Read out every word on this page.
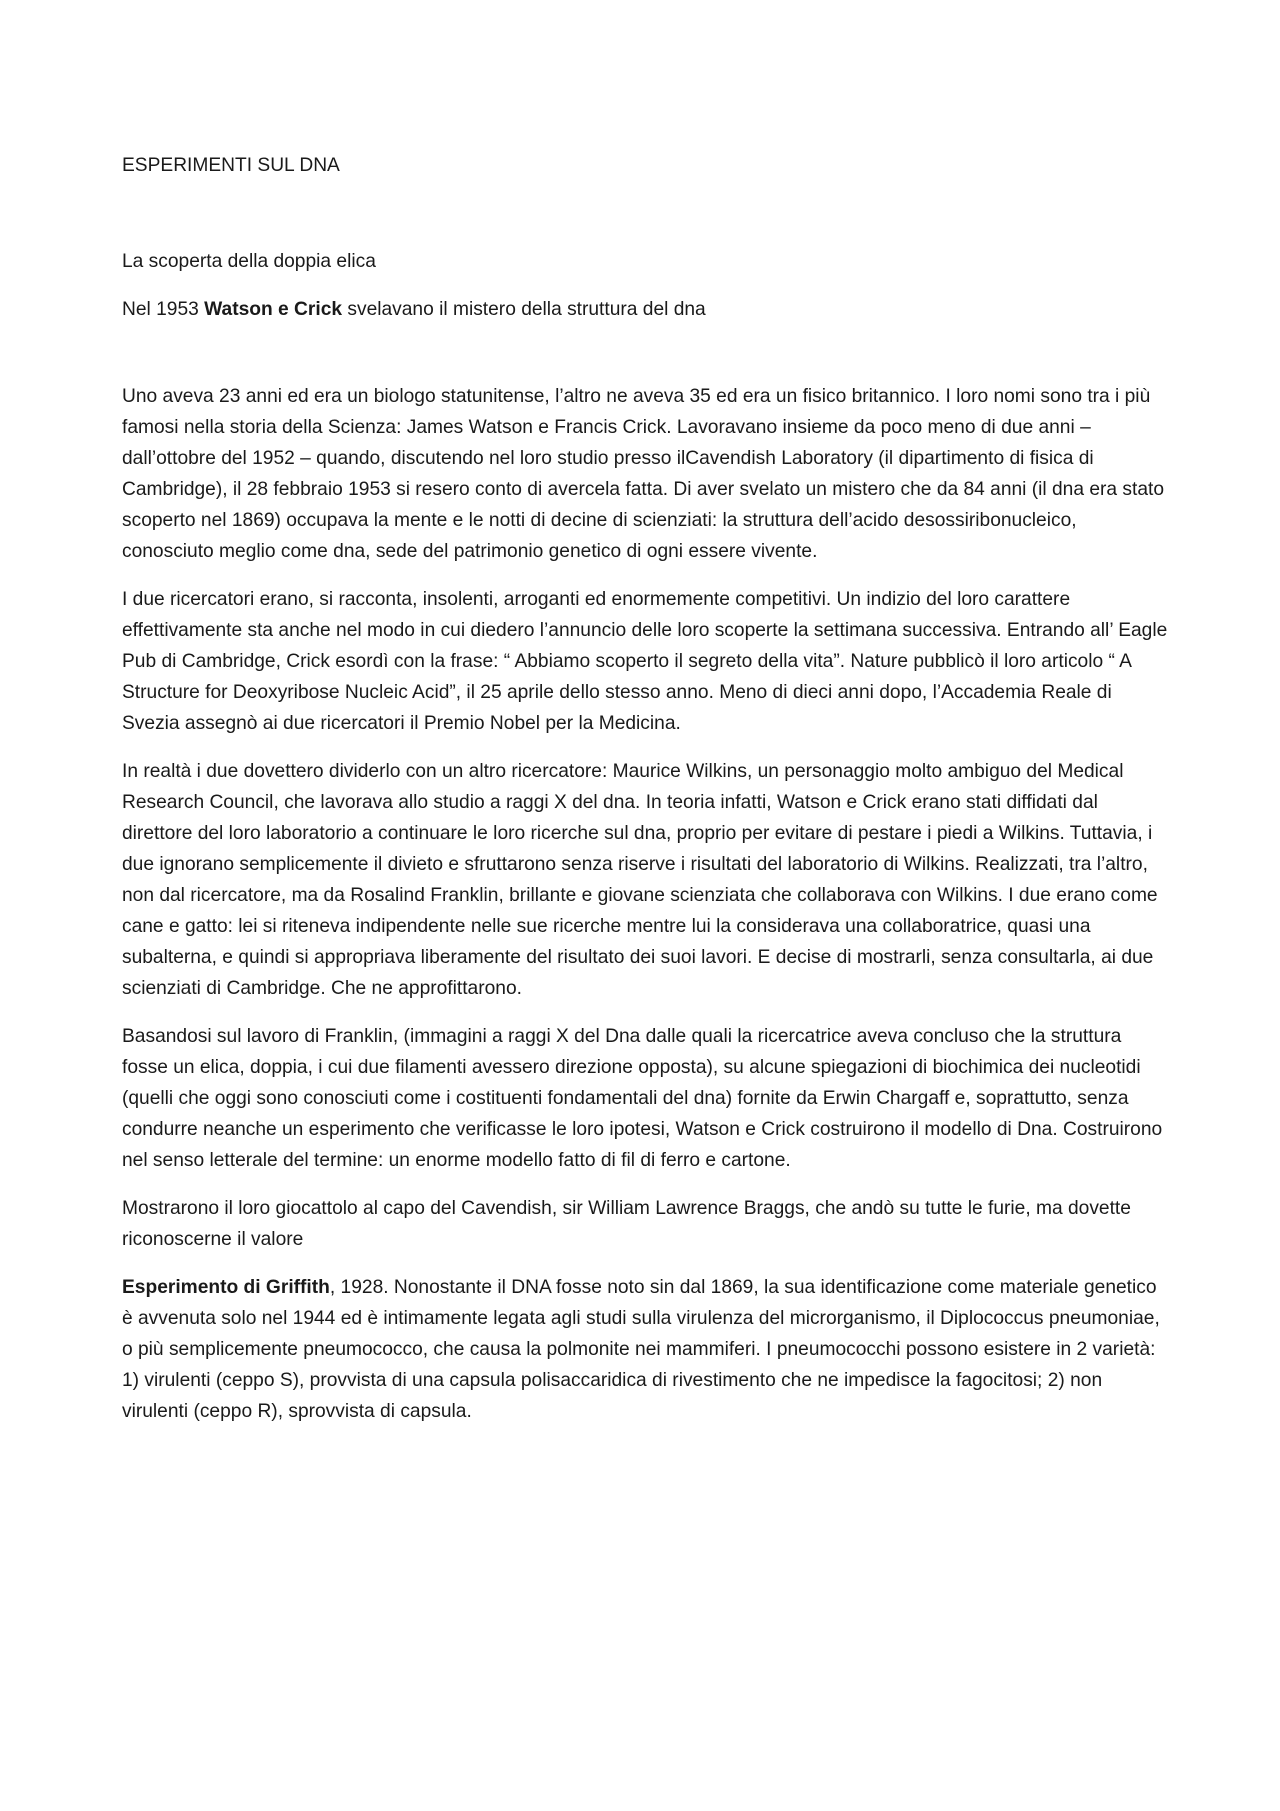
ESPERIMENTI SUL DNA
La scoperta della doppia elica
Nel 1953 Watson e Crick svelavano il mistero della struttura del dna

Uno aveva 23 anni ed era un biologo statunitense, l’altro ne aveva 35 ed era un fisico britannico. I loro nomi sono tra i più famosi nella storia della Scienza: James Watson e Francis Crick. Lavoravano insieme da poco meno di due anni – dall’ottobre del 1952 – quando, discutendo nel loro studio presso ilCavendish Laboratory (il dipartimento di fisica di Cambridge), il 28 febbraio 1953 si resero conto di avercela fatta. Di aver svelato un mistero che da 84 anni (il dna era stato scoperto nel 1869) occupava la mente e le notti di decine di scienziati: la struttura dell’acido desossiribonucleico, conosciuto meglio come dna, sede del patrimonio genetico di ogni essere vivente.

I due ricercatori erano, si racconta, insolenti, arroganti ed enormemente competitivi. Un indizio del loro carattere effettivamente sta anche nel modo in cui diedero l’annuncio delle loro scoperte la settimana successiva. Entrando all’ Eagle Pub di Cambridge, Crick esordì con la frase: “ Abbiamo scoperto il segreto della vita”. Nature pubblicò il loro articolo “ A Structure for Deoxyribose Nucleic Acid”, il 25 aprile dello stesso anno. Meno di dieci anni dopo, l’Accademia Reale di Svezia assegnò ai due ricercatori il Premio Nobel per la Medicina.

In realtà i due dovettero dividerlo con un altro ricercatore: Maurice Wilkins, un personaggio molto ambiguo del Medical Research Council, che lavorava allo studio a raggi X del dna. In teoria infatti, Watson e Crick erano stati diffidati dal direttore del loro laboratorio a continuare le loro ricerche sul dna, proprio per evitare di pestare i piedi a Wilkins. Tuttavia, i due ignorano semplicemente il divieto e sfruttarono senza riserve i risultati del laboratorio di Wilkins. Realizzati, tra l’altro, non dal ricercatore, ma da Rosalind Franklin, brillante e giovane scienziata che collaborava con Wilkins. I due erano come cane e gatto: lei si riteneva indipendente nelle sue ricerche mentre lui la considerava una collaboratrice, quasi una subalterna, e quindi si appropriava liberamente del risultato dei suoi lavori. E decise di mostrarli, senza consultarla, ai due scienziati di Cambridge. Che ne approfittarono.

Basandosi sul lavoro di Franklin, (immagini a raggi X del Dna dalle quali la ricercatrice aveva concluso che la struttura fosse un elica, doppia, i cui due filamenti avessero direzione opposta), su alcune spiegazioni di biochimica dei nucleotidi (quelli che oggi sono conosciuti come i costituenti fondamentali del dna) fornite da Erwin Chargaff e, soprattutto, senza condurre neanche un esperimento che verificasse le loro ipotesi, Watson e Crick costruirono il modello di Dna. Costruirono nel senso letterale del termine: un enorme modello fatto di fil di ferro e cartone.

Mostrarono il loro giocattolo al capo del Cavendish, sir William Lawrence Braggs, che andò su tutte le furie, ma dovette riconoscerne il valore

Esperimento di Griffith, 1928. Nonostante il DNA fosse noto sin dal 1869, la sua identificazione come materiale genetico è avvenuta solo nel 1944 ed è intimamente legata agli studi sulla virulenza del microrganismo, il Diplococcus pneumoniae, o più semplicemente pneumococco, che causa la polmonite nei mammiferi. I pneumococchi possono esistere in 2 varietà: 1) virulenti (ceppo S), provvista di una capsula polisaccaridica di rivestimento che ne impedisce la fagocitosi; 2) non virulenti (ceppo R), sprovvista di capsula.
